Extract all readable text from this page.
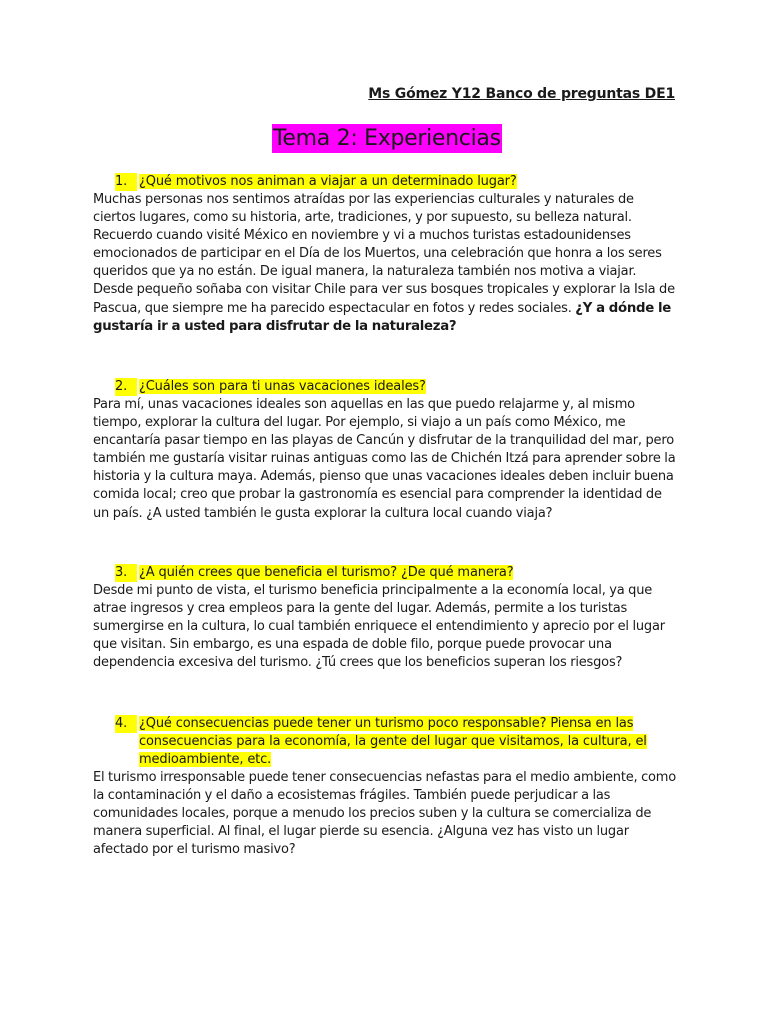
Ms Gómez Y12 Banco de preguntas DE1
Tema 2: Experiencias
1. ¿Qué motivos nos animan a viajar a un determinado lugar?

Muchas personas nos sentimos atraídas por las experiencias culturales y naturales de ciertos lugares, como su historia, arte, tradiciones, y por supuesto, su belleza natural. Recuerdo cuando visité México en noviembre y vi a muchos turistas estadounidenses emocionados de participar en el Día de los Muertos, una celebración que honra a los seres queridos que ya no están. De igual manera, la naturaleza también nos motiva a viajar. Desde pequeño soñaba con visitar Chile para ver sus bosques tropicales y explorar la Isla de Pascua, que siempre me ha parecido espectacular en fotos y redes sociales. ¿Y a dónde le gustaría ir a usted para disfrutar de la naturaleza?

2. ¿Cuáles son para ti unas vacaciones ideales?

Para mí, unas vacaciones ideales son aquellas en las que puedo relajarme y, al mismo tiempo, explorar la cultura del lugar. Por ejemplo, si viajo a un país como México, me encantaría pasar tiempo en las playas de Cancún y disfrutar de la tranquilidad del mar, pero también me gustaría visitar ruinas antiguas como las de Chichén Itzá para aprender sobre la historia y la cultura maya. Además, pienso que unas vacaciones ideales deben incluir buena comida local; creo que probar la gastronomía es esencial para comprender la identidad de un país. ¿A usted también le gusta explorar la cultura local cuando viaja?

3. ¿A quién crees que beneficia el turismo? ¿De qué manera?

Desde mi punto de vista, el turismo beneficia principalmente a la economía local, ya que atrae ingresos y crea empleos para la gente del lugar. Además, permite a los turistas sumergirse en la cultura, lo cual también enriquece el entendimiento y aprecio por el lugar que visitan. Sin embargo, es una espada de doble filo, porque puede provocar una dependencia excesiva del turismo. ¿Tú crees que los beneficios superan los riesgos?

4. ¿Qué consecuencias puede tener un turismo poco responsable? Piensa en las consecuencias para la economía, la gente del lugar que visitamos, la cultura, el medioambiente, etc.

El turismo irresponsable puede tener consecuencias nefastas para el medio ambiente, como la contaminación y el daño a ecosistemas frágiles. También puede perjudicar a las comunidades locales, porque a menudo los precios suben y la cultura se comercializa de manera superficial. Al final, el lugar pierde su esencia. ¿Alguna vez has visto un lugar afectado por el turismo masivo?
